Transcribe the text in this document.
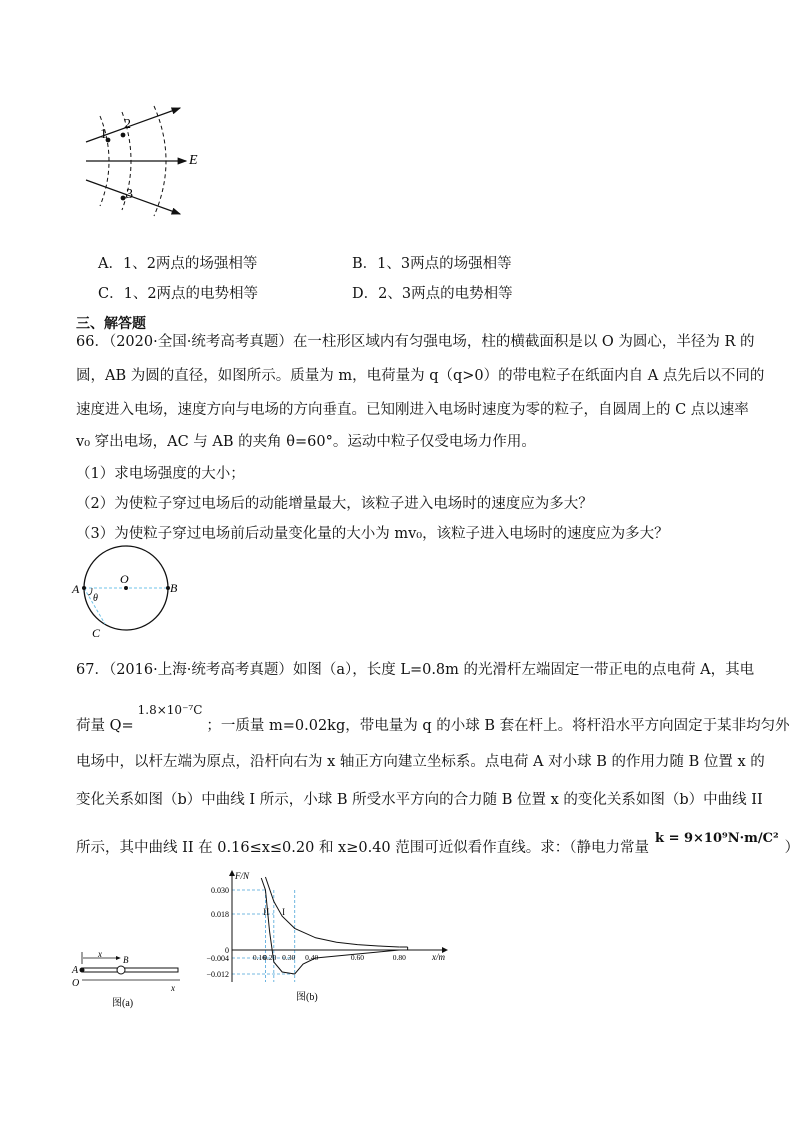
1
2
3
E
A．1、2两点的场强相等	B．1、3两点的场强相等
C．1、2两点的电势相等	D．2、3两点的电势相等
三、解答题
66．（2020·全国·统考高考真题）在一柱形区域内有匀强电场，柱的横截面积是以 O 为圆心，半径为 R 的
圆，AB 为圆的直径，如图所示。质量为 m，电荷量为 q（q>0）的带电粒子在纸面内自 A 点先后以不同的
速度进入电场，速度方向与电场的方向垂直。已知刚进入电场时速度为零的粒子，自圆周上的 C 点以速率
v₀ 穿出电场，AC 与 AB 的夹角 θ=60°。运动中粒子仅受电场力作用。
（1）求电场强度的大小；
（2）为使粒子穿过电场后的动能增量最大，该粒子进入电场时的速度应为多大？
（3）为使粒子穿过电场前后动量变化量的大小为 mv₀，该粒子进入电场时的速度应为多大？
A
O
B
θ
C
67．（2016·上海·统考高考真题）如图（a），长度 L=0.8m 的光滑杆左端固定一带正电的点电荷 A，其电
荷量 Q=$^{1.8\times 10^{-7}C}$；一质量 m=0.02kg，带电量为 q 的小球 B 套在杆上。将杆沿水平方向固定于某非均匀外
电场中，以杆左端为原点，沿杆向右为 x 轴正方向建立坐标系。点电荷 A 对小球 B 的作用力随 B 位置 x 的
变化关系如图（b）中曲线 I 所示，小球 B 所受水平方向的合力随 B 位置 x 的变化关系如图（b）中曲线 II
所示，其中曲线 II 在 0.16≤x≤0.20 和 x≥0.40 范围可近似看作直线。求：（静电力常量k = 9×10⁹N·m/C²）
x
B
A
O	x
图(a)
II I
0.030
0.018
0
−0.004
−0.012
0.16
0.20 0.30 0.40	0.60	0.80
F/N
x/m
图(b)
